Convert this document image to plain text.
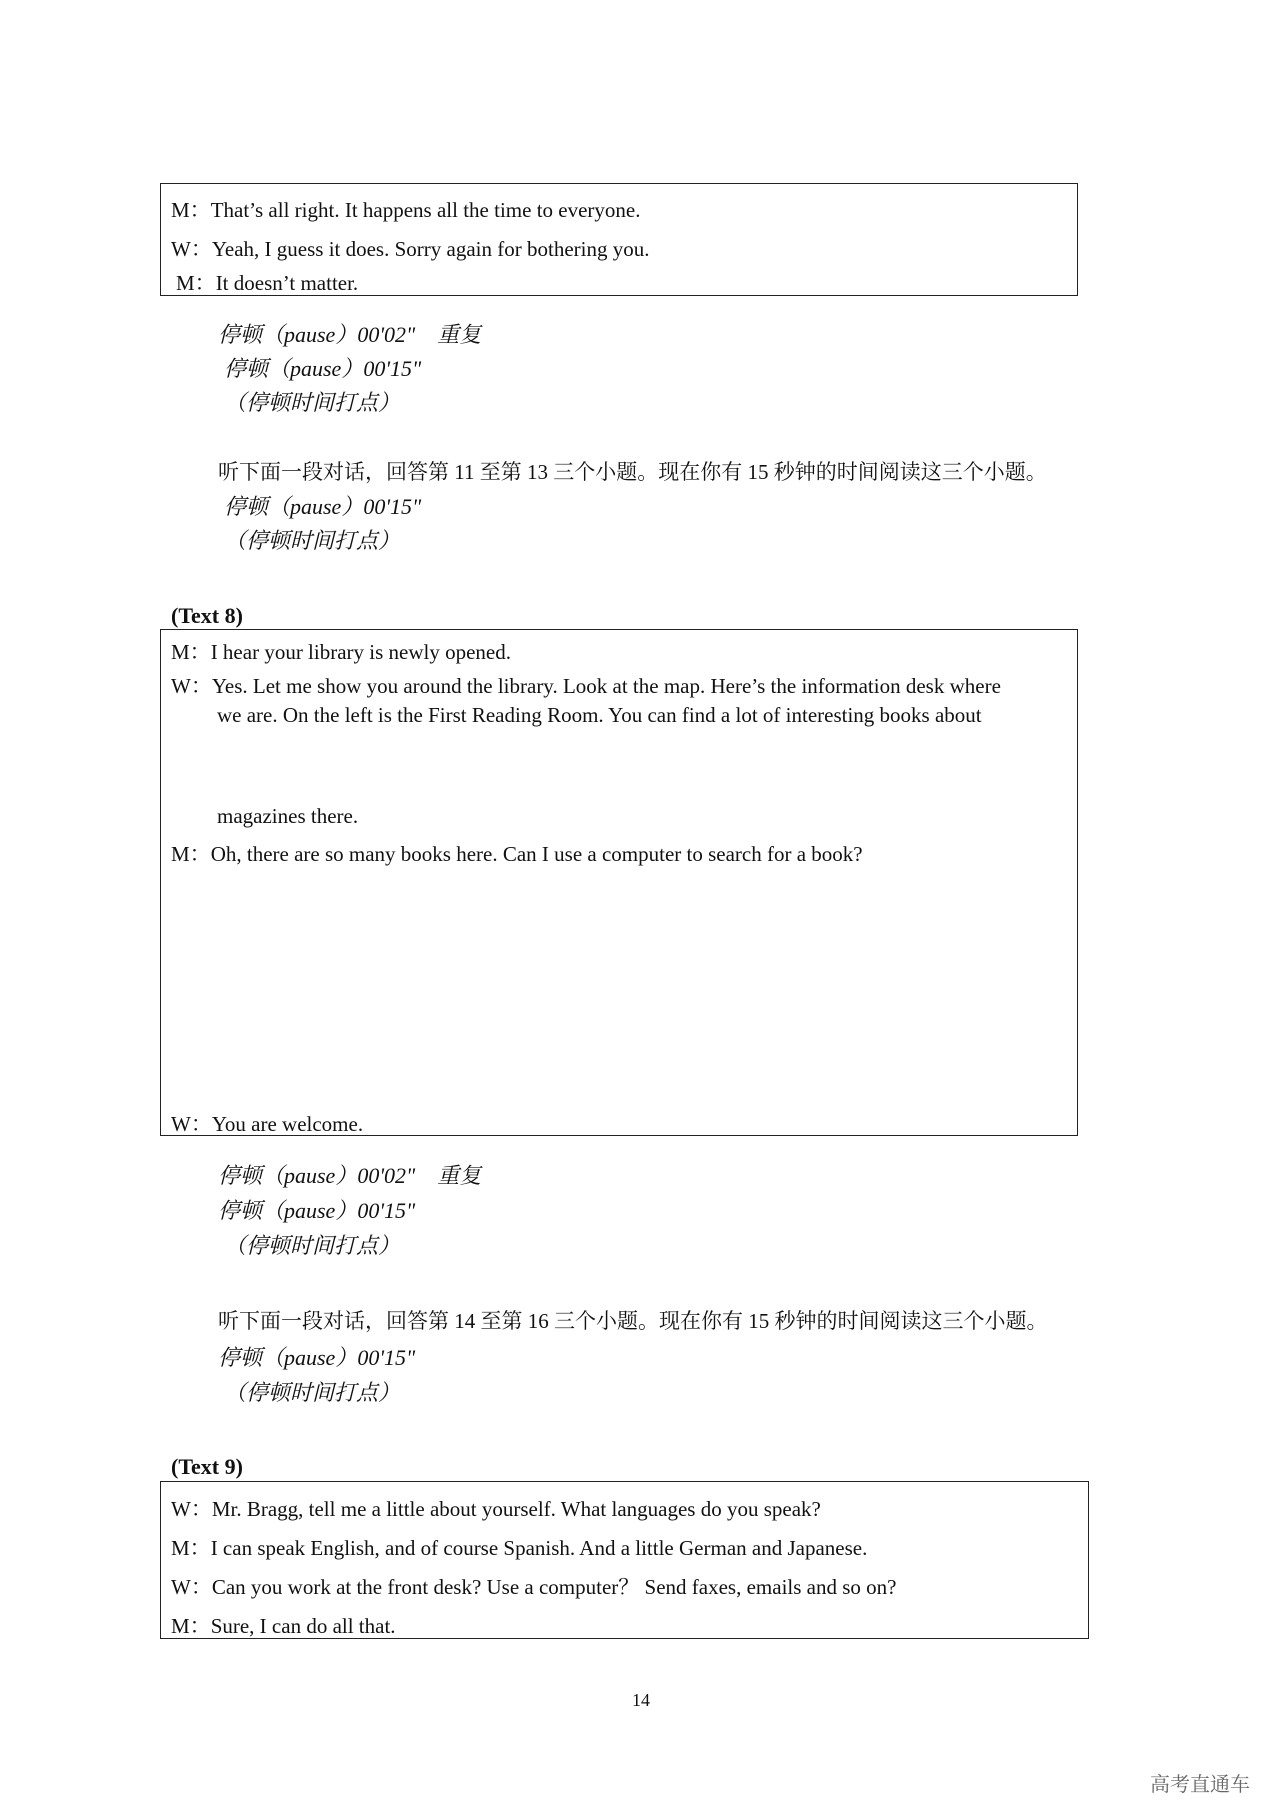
M：That’s all right. It happens all the time to everyone.
W：Yeah, I guess it does. Sorry again for bothering you.
M：It doesn’t matter.
停顿（pause）00'02"　重复
停顿（pause）00'15"
（停顿时间打点）
听下面一段对话，回答第 11 至第 13 三个小题。现在你有 15 秒钟的时间阅读这三个小题。
停顿（pause）00'15"
（停顿时间打点）
(Text 8)
M：I hear your library is newly opened.
W：Yes. Let me show you around the library. Look at the map. Here’s the information desk where
we are. On the left is the First Reading Room. You can find a lot of interesting books about
magazines there.
M：Oh, there are so many books here. Can I use a computer to search for a book?
W：You are welcome.
停顿（pause）00'02"　重复
停顿（pause）00'15"
（停顿时间打点）
听下面一段对话，回答第 14 至第 16 三个小题。现在你有 15 秒钟的时间阅读这三个小题。
停顿（pause）00'15"
（停顿时间打点）
(Text 9)
W：Mr. Bragg, tell me a little about yourself. What languages do you speak?
M：I can speak English, and of course Spanish. And a little German and Japanese.
W：Can you work at the front desk? Use a computer？ Send faxes, emails and so on?
M：Sure, I can do all that.
14
高考直通车
